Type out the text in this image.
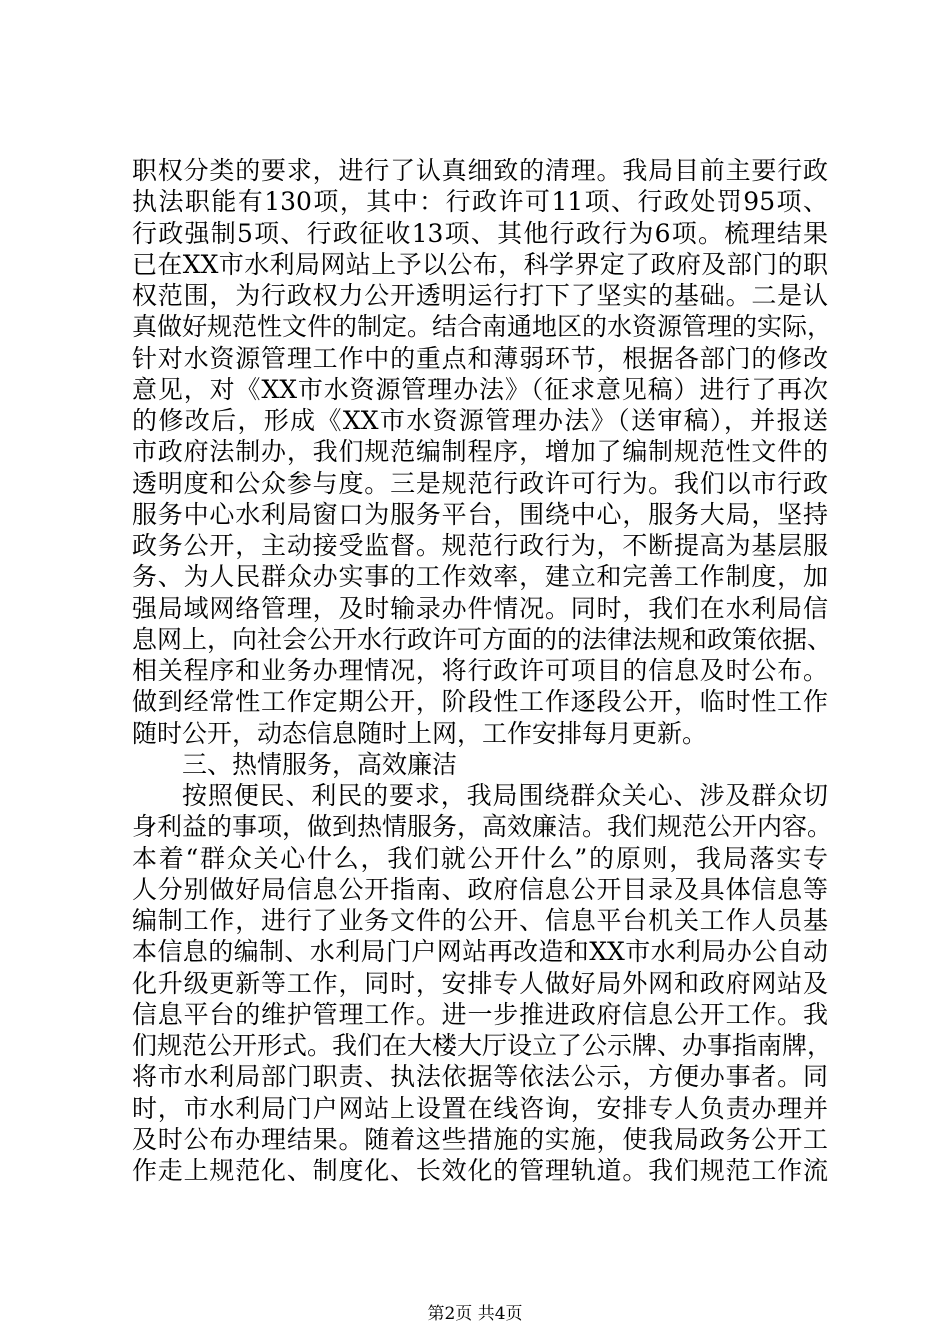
职权分类的要求，进行了认真细致的清理。我局目前主要行政
执法职能有130项，其中：行政许可11项、行政处罚95项、
行政强制5项、行政征收13项、其他行政行为6项。梳理结果
已在XX市水利局网站上予以公布，科学界定了政府及部门的职
权范围，为行政权力公开透明运行打下了坚实的基础。二是认
真做好规范性文件的制定。结合南通地区的水资源管理的实际，
针对水资源管理工作中的重点和薄弱环节，根据各部门的修改
意见，对《XX市水资源管理办法》（征求意见稿）进行了再次
的修改后，形成《XX市水资源管理办法》（送审稿），并报送
市政府法制办，我们规范编制程序，增加了编制规范性文件的
透明度和公众参与度。三是规范行政许可行为。我们以市行政
服务中心水利局窗口为服务平台，围绕中心，服务大局，坚持
政务公开，主动接受监督。规范行政行为，不断提高为基层服
务、为人民群众办实事的工作效率，建立和完善工作制度，加
强局域网络管理，及时输录办件情况。同时，我们在水利局信
息网上，向社会公开水行政许可方面的的法律法规和政策依据、
相关程序和业务办理情况，将行政许可项目的信息及时公布。
做到经常性工作定期公开，阶段性工作逐段公开，临时性工作
随时公开，动态信息随时上网，工作安排每月更新。
三、热情服务，高效廉洁
按照便民、利民的要求，我局围绕群众关心、涉及群众切
身利益的事项，做到热情服务，高效廉洁。我们规范公开内容。
本着“群众关心什么，我们就公开什么”的原则，我局落实专
人分别做好局信息公开指南、政府信息公开目录及具体信息等
编制工作，进行了业务文件的公开、信息平台机关工作人员基
本信息的编制、水利局门户网站再改造和XX市水利局办公自动
化升级更新等工作，同时，安排专人做好局外网和政府网站及
信息平台的维护管理工作。进一步推进政府信息公开工作。我
们规范公开形式。我们在大楼大厅设立了公示牌、办事指南牌，
将市水利局部门职责、执法依据等依法公示，方便办事者。同
时，市水利局门户网站上设置在线咨询，安排专人负责办理并
及时公布办理结果。随着这些措施的实施，使我局政务公开工
作走上规范化、制度化、长效化的管理轨道。我们规范工作流
第2页 共4页
